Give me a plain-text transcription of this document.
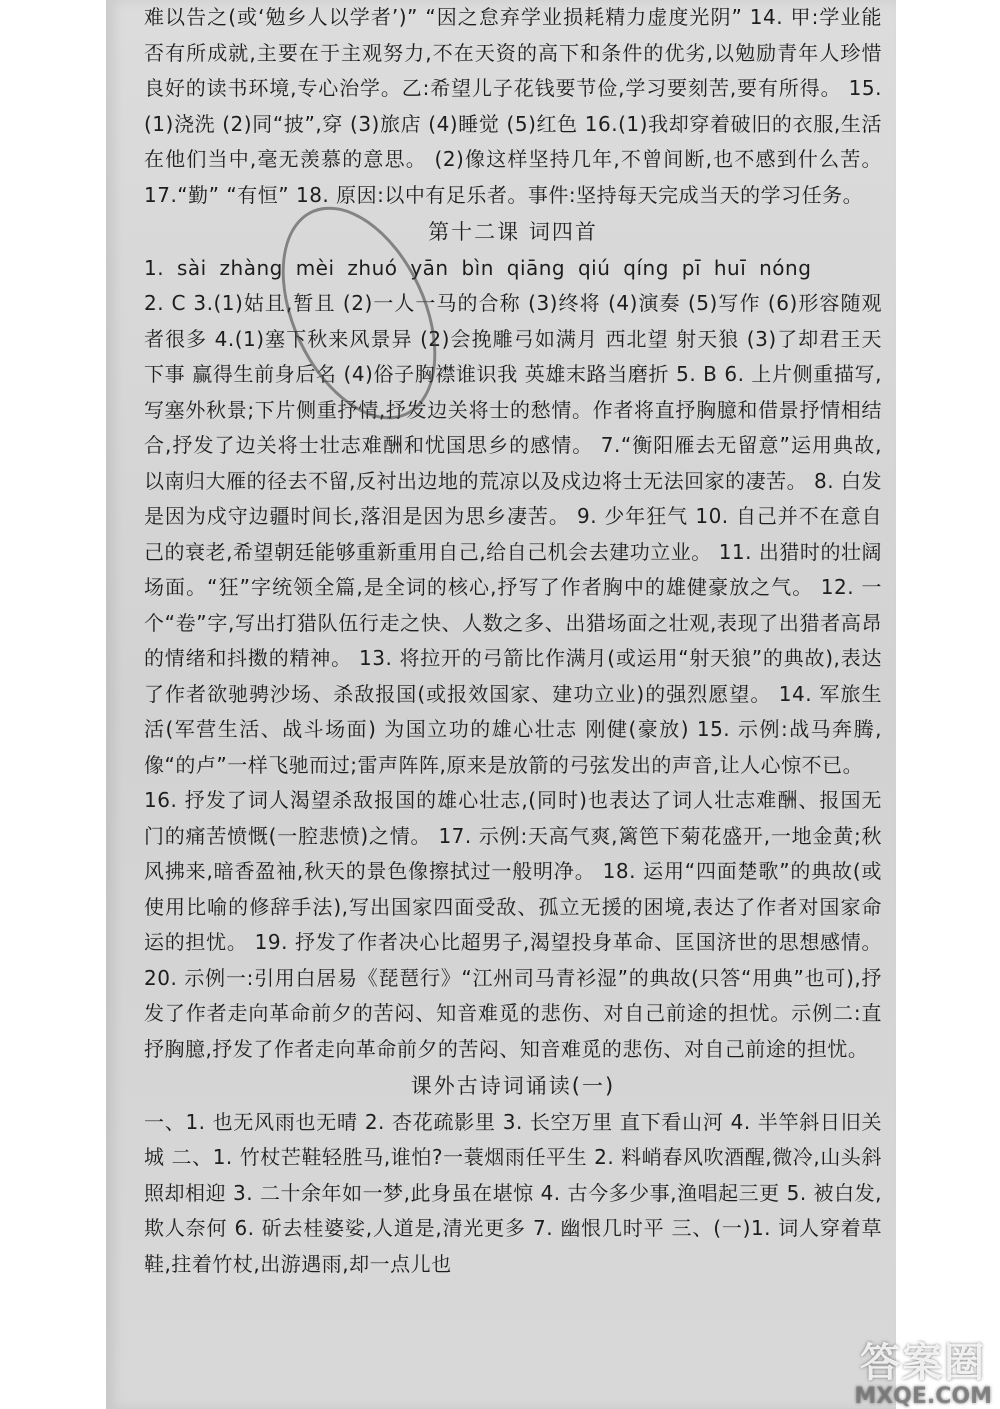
难以告之(或‘勉乡人以学者’)” “因之怠弃学业损耗精力虚度光阴” 14. 甲:学业能否有所成就,主要在于主观努力,不在天资的高下和条件的优劣,以勉励青年人珍惜良好的读书环境,专心治学。乙:希望儿子花钱要节俭,学习要刻苦,要有所得。 15.(1)浇洗 (2)同“披”,穿 (3)旅店 (4)睡觉 (5)红色 16.(1)我却穿着破旧的衣服,生活在他们当中,毫无羡慕的意思。 (2)像这样坚持几年,不曾间断,也不感到什么苦。 17.“勤” “有恒” 18. 原因:以中有足乐者。事件:坚持每天完成当天的学习任务。

第十二课 词四首

1. sài zhàng mèi zhuó yān bìn qiāng qiú qíng pī huī nóng

2. C 3.(1)姑且,暂且 (2)一人一马的合称 (3)终将 (4)演奏 (5)写作 (6)形容随观者很多 4.(1)塞下秋来风景异 (2)会挽雕弓如满月 西北望 射天狼 (3)了却君王天下事 赢得生前身后名 (4)俗子胸襟谁识我 英雄末路当磨折 5. B 6. 上片侧重描写,写塞外秋景;下片侧重抒情,抒发边关将士的愁情。作者将直抒胸臆和借景抒情相结合,抒发了边关将士壮志难酬和忧国思乡的感情。 7.“衡阳雁去无留意”运用典故,以南归大雁的径去不留,反衬出边地的荒凉以及戍边将士无法回家的凄苦。 8. 白发是因为戍守边疆时间长,落泪是因为思乡凄苦。 9. 少年狂气 10. 自己并不在意自己的衰老,希望朝廷能够重新重用自己,给自己机会去建功立业。 11. 出猎时的壮阔场面。“狂”字统领全篇,是全词的核心,抒写了作者胸中的雄健豪放之气。 12. 一个“卷”字,写出打猎队伍行走之快、人数之多、出猎场面之壮观,表现了出猎者高昂的情绪和抖擞的精神。 13. 将拉开的弓箭比作满月(或运用“射天狼”的典故),表达了作者欲驰骋沙场、杀敌报国(或报效国家、建功立业)的强烈愿望。 14. 军旅生活(军营生活、战斗场面) 为国立功的雄心壮志 刚健(豪放) 15. 示例:战马奔腾,像“的卢”一样飞驰而过;雷声阵阵,原来是放箭的弓弦发出的声音,让人心惊不已。

16. 抒发了词人渴望杀敌报国的雄心壮志,(同时)也表达了词人壮志难酬、报国无门的痛苦愤慨(一腔悲愤)之情。 17. 示例:天高气爽,篱笆下菊花盛开,一地金黄;秋风拂来,暗香盈袖,秋天的景色像擦拭过一般明净。 18. 运用“四面楚歌”的典故(或使用比喻的修辞手法),写出国家四面受敌、孤立无援的困境,表达了作者对国家命运的担忧。 19. 抒发了作者决心比超男子,渴望投身革命、匡国济世的思想感情。 20. 示例一:引用白居易《琵琶行》“江州司马青衫湿”的典故(只答“用典”也可),抒发了作者走向革命前夕的苦闷、知音难觅的悲伤、对自己前途的担忧。示例二:直抒胸臆,抒发了作者走向革命前夕的苦闷、知音难觅的悲伤、对自己前途的担忧。

课外古诗词诵读(一)

一、1. 也无风雨也无晴 2. 杏花疏影里 3. 长空万里 直下看山河 4. 半竿斜日旧关城 二、1. 竹杖芒鞋轻胜马,谁怕?一蓑烟雨任平生 2. 料峭春风吹酒醒,微冷,山头斜照却相迎 3. 二十余年如一梦,此身虽在堪惊 4. 古今多少事,渔唱起三更 5. 被白发,欺人奈何 6. 斫去桂婆娑,人道是,清光更多 7. 幽恨几时平 三、(一)1. 词人穿着草鞋,拄着竹杖,出游遇雨,却一点儿也

答案圈
MXQE.COM
